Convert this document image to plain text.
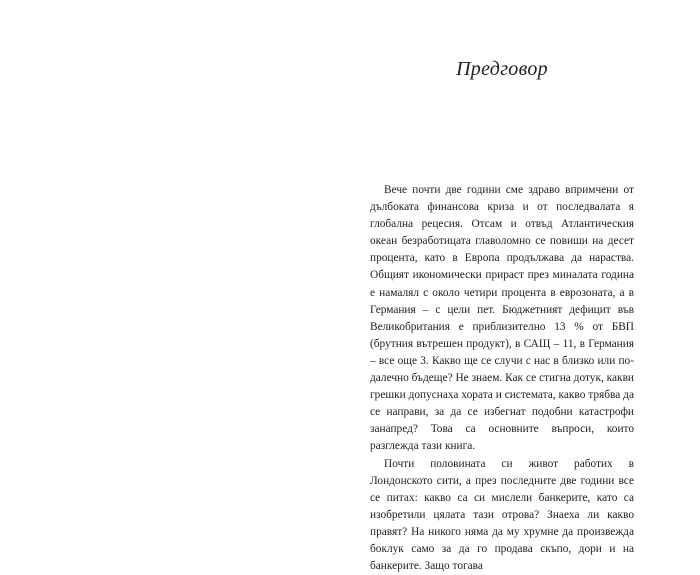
Предговор

Вече почти две години сме здраво впримчени от дълбоката финансова криза и от последвалата я глобална рецесия. Отсам и отвъд Атлантическия океан безработицата главоломно се повиши на десет процента, като в Европа продължава да нараства. Общият икономически прираст през миналата година е намалял с около четири процента в еврозоната, а в Германия – с цели пет. Бюджетният дефицит във Великобритания е приблизително 13 % от БВП (брутния вътрешен продукт), в САЩ – 11, в Германия – все още 3. Какво ще се случи с нас в близко или по-далечно бъдеще? Не знаем. Как се стигна дотук, какви грешки допуснаха хората и системата, какво трябва да се направи, за да се избегнат подобни катастрофи занапред? Това са основните въпроси, които разглежда тази книга.

Почти половината си живот работих в Лондонското сити, а през последните две години все се питах: какво са си мислели банкерите, като са изобретили цялата тази отрова? Знаеха ли какво правят? На никого няма да му хрумне да произвежда боклук само за да го продава скъпо, дори и на банкерите. Защо тогава
